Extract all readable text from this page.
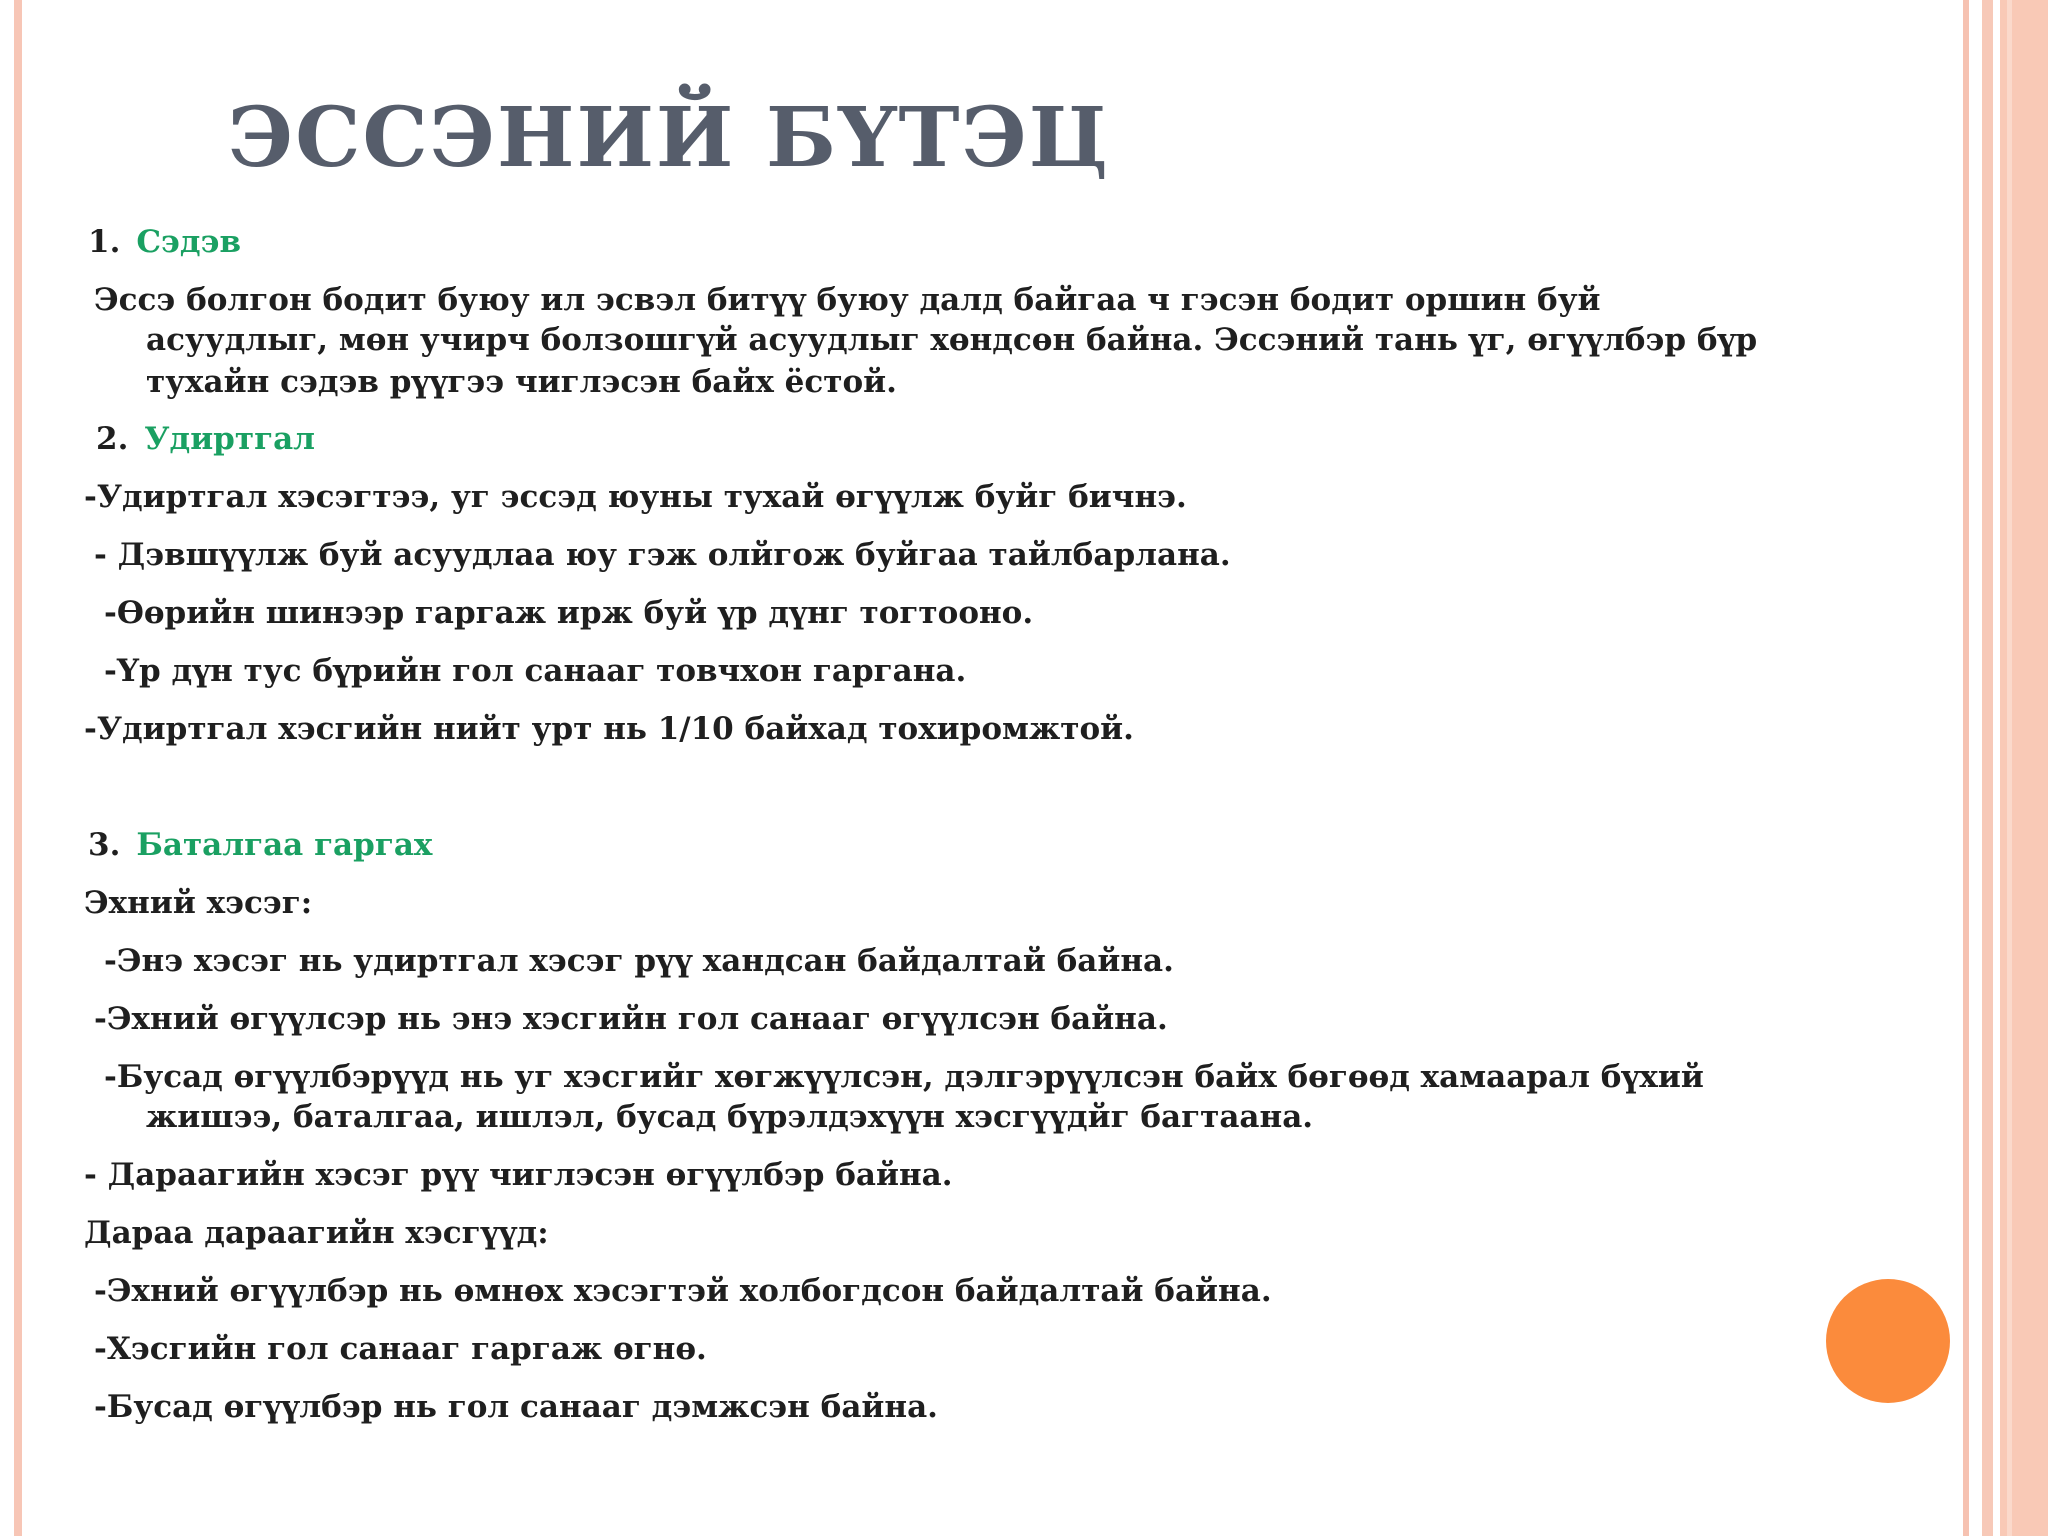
ЭССЭНИЙ БҮТЭЦ
1. Сэдэв
Эссэ болгон бодит буюу ил эсвэл битүү буюу далд байгаа ч гэсэн бодит оршин буй
асуудлыг, мөн учирч болзошгүй асуудлыг хөндсөн байна. Эссэний тань үг, өгүүлбэр бүр
тухайн сэдэв рүүгээ чиглэсэн байх ёстой.
2. Удиртгал
-Удиртгал хэсэгтээ, уг эссэд юуны тухай өгүүлж буйг бичнэ.
- Дэвшүүлж буй асуудлаа юу гэж олйгож буйгаа тайлбарлана.
-Өөрийн шинээр гаргаж ирж буй үр дүнг тогтооно.
-Үр дүн тус бүрийн гол санааг товчхон гаргана.
-Удиртгал хэсгийн нийт урт нь 1/10 байхад тохиромжтой.
3. Баталгаа гаргах
Эхний хэсэг:
-Энэ хэсэг нь удиртгал хэсэг рүү хандсан байдалтай байна.
-Эхний өгүүлсэр нь энэ хэсгийн гол санааг өгүүлсэн байна.
-Бусад өгүүлбэрүүд нь уг хэсгийг хөгжүүлсэн, дэлгэрүүлсэн байх бөгөөд хамаарал бүхий
жишээ, баталгаа, ишлэл, бусад бүрэлдэхүүн хэсгүүдйг багтаана.
- Дараагийн хэсэг рүү чиглэсэн өгүүлбэр байна.
Дараа дараагийн хэсгүүд:
-Эхний өгүүлбэр нь өмнөх хэсэгтэй холбогдсон байдалтай байна.
-Хэсгийн гол санааг гаргаж өгнө.
-Бусад өгүүлбэр нь гол санааг дэмжсэн байна.
